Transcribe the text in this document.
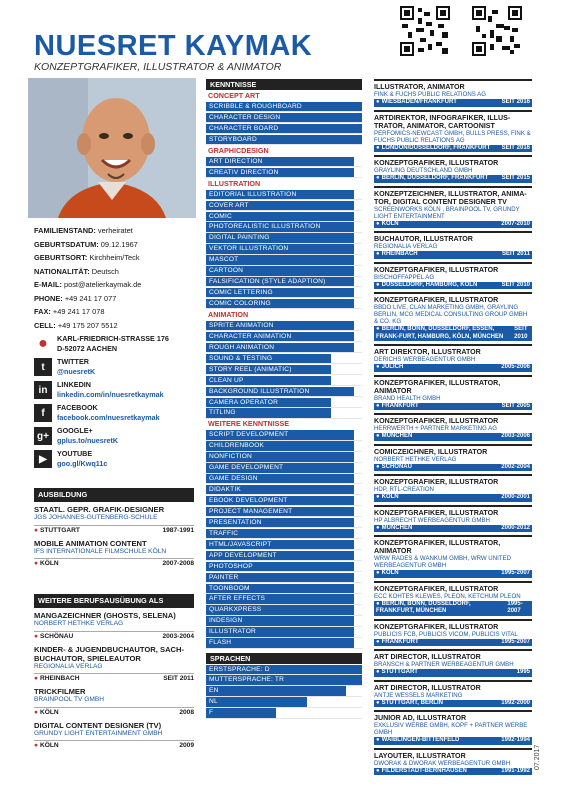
NUESRET KAYMAK
KONZEPTGRAFIKER, ILLUSTRATOR & ANIMATOR
FAMILIENSTAND: verheiratet
GEBURTSDATUM: 09.12.1967
GEBURTSORT: Kirchheim/Teck
NATIONALITÄT: Deutsch
E-MAIL: post@atelierkaymak.de
PHONE: +49 241 17 077
FAX: +49 241 17 078
CELL: +49 175 207 5512
●	KARL-FRIEDRICH-STRASSE 176
D-52072 AACHEN
t	TWITTER
@nuesretK
in	LINKEDIN
linkedin.com/in/nuesretkaymak
f	FACEBOOK
facebook.com/nuesretkaymak
g+	GOOGLE+
gplus.to/nuesretK
▶	YOUTUBE
goo.gl/Kwq11c
AUSBILDUNG
STAATL. GEPR. GRAFIK-DESIGNER
JGS JOHANNES-GUTENBERG-SCHULE
● STUTTGART	1987-1991
MOBILE ANIMATION CONTENT
IFS INTERNATIONALE FILMSCHULE KÖLN
● KÖLN	2007-2008
WEITERE BERUFSAUSÜBUNG ALS
MANGAZEICHNER (GHOSTS, SELENA)
NORBERT HETHKE VERLAG
● SCHÖNAU	2003-2004
KINDER- & JUGENDBUCHAUTOR, SACH-BUCHAUTOR, SPIELEAUTOR
REGIONALIA VERLAG
● RHEINBACH	SEIT 2011
TRICKFILMER
BRAINPOOL TV GMBH
● KÖLN	2008
DIGITAL CONTENT DESIGNER (TV)
GRUNDY LIGHT ENTERTAINMENT GMBH
● KÖLN	2009
KENNTNISSE
CONCEPT ART
SCRIBBLE & ROUGHBOARD
CHARACTER DESIGN
CHARACTER BOARD
STORYBOARD
GRAPHICDESIGN
ART DIRECTION
CREATIV DIRECTION
ILLUSTRATION
EDITORIAL ILLUSTRATION
COVER ART
COMIC
PHOTOREALISTIC ILLUSTRATION
DIGITAL PAINTING
VEKTOR ILLUSTRATION
MASCOT
CARTOON
FALSIFICATION (STYLE ADAPTION)
COMIC LETTERING
COMIC COLORING
ANIMATION
SPRITE ANIMATION
CHARACTER ANIMATION
ROUGH ANIMATION
SOUND & TESTING
STORY REEL (ANIMATIC)
CLEAN UP
BACKGROUND ILLUSTRATION
CAMERA OPERATOR
TITLING
WEITERE KENNTNISSE
SCRIPT DEVELOPMENT
CHILDRENBOOK
NONFICTION
GAME DEVELOPMENT
GAME DESIGN
DIDAKTIK
EBOOK DEVELOPMENT
PROJECT MANAGEMENT
PRESENTATION
TRAFFIC
HTML/JAVASCRIPT
APP DEVELOPMENT
PHOTOSHOP
PAINTER
TOONBOOM
AFTER EFFECTS
QUARKXPRESS
INDESIGN
ILLUSTRATOR
FLASH
SPRACHEN
ERSTSPRACHE: D
MUTTERSPRACHE: TR
EN
NL
F
ILLUSTRATOR, ANIMATOR
FINK & FUCHS PUBLIC RELATIONS AG
● WIESBADEN/FRANKFURT	SEIT 2016
ARTDIREKTOR, INFOGRAFIKER, ILLUS-TRATOR, ANIMATOR, CARTOONIST
PERFOMICS-NEWCAST GMBH, BULLS PRESS, FINK & FUCHS PUBLIC RELATIONS AG
● LONDON/DÜSSELDORF, FRANKFURT SEIT 2016
KONZEPTGRAFIKER, ILLUSTRATOR
GRAYLING DEUTSCHLAND GMBH
● BERLIN, DÜSSELDORF, FRANKFURT SEIT 2015
KONZEPTZEICHNER, ILLUSTRATOR, ANIMA-TOR, DIGITAL CONTENT DESIGNER TV
SCREENWORKS KÖLN , BRAINPOOL TV, GRUNDY LIGHT ENTERTAINMENT
● KÖLN	2007-2010
BUCHAUTOR, ILLUSTRATOR
REGIONALIA VERLAG
● RHEINBACH	SEIT 2011
KONZEPTGRAFIKER, ILLUSTRATOR
BISCHOFFAPPEL AG
● DÜSSELDORF, HAMBURG, KÖLN	SEIT 2010
KONZEPTGRAFIKER, ILLUSTRATOR
BBDO LIVE, CLAN MARKETING GMBH, GRAYLING BERLIN, MCG MEDICAL CONSULTING GROUP GMBH & CO. KG
● BERLIN, BONN, DÜSSELDORF, ESSEN, FRANK-FURT, HAMBURG, KÖLN, MÜNCHEN
SEIT 2010
ART DIREKTOR, ILLUSTRATOR
DERICHS WERBEAGENTUR GMBH
● JÜLICH	2005-2006
KONZEPTGRAFIKER, ILLUSTRATOR, ANIMATOR
BRAND HEALTH GMBH
● FRANKFURT	SEIT 2005
KONZEPTGRAFIKER, ILLUSTRATOR
HERRWERTH + PARTNER MARKETING AG
● MÜNCHEN	2003-2006
COMICZEICHNER, ILLUSTRATOR
NORBERT HETHKE VERLAG
● SCHÖNAU	2002-2004
KONZEPTGRAFIKER, ILLUSTRATOR
HDP, RTL-CREATION
● KÖLN	2000-2001
KONZEPTGRAFIKER, ILLUSTRATOR
HP ALBRECHT WERBEAGENTUR GMBH
● MÜNCHEN	2000-2012
KONZEPTGRAFIKER, ILLUSTRATOR, ANIMATOR
WRW RADES & WANKUM GMBH, WRW UNITED WERBEAGENTUR GMBH
● KÖLN	1995-2007
KONZEPTGRAFIKER, ILLUSTRATOR
ECC KOHTES KLEWES, PLEON, KETCHUM PLEON
● BERLIN, BONN, DÜSSELDORF, FRANKFURT, MÜNCHEN
1995-2007
KONZEPTGRAFIKER, ILLUSTRATOR
PUBLICIS FCB, PUBLICIS VICOM, PUBLICIS VITAL
● FRANKFURT	1995-2007
ART DIRECTOR, ILLUSTRATOR
BRANSCH & PARTNER WERBEAGENTUR GMBH
● STUTTGART	1995
ART DIRECTOR, ILLUSTRATOR
ANTJE WESSELS MARKETING
● STUTTGART, BERLIN	1992-2000
JUNIOR AD, ILLUSTRATOR
EXKLUSIV WERBE GMBH, KOPF + PARTNER WERBE GMBH
● WAIBLINGEN-BITTENFELD	1992-1994
LAYOUTER, ILLUSTRATOR
DWORAK & DWORAK WERBEAGENTUR GMBH
● FILDERSTADT-BERNHAUSEN	1991-1992
07.2017
